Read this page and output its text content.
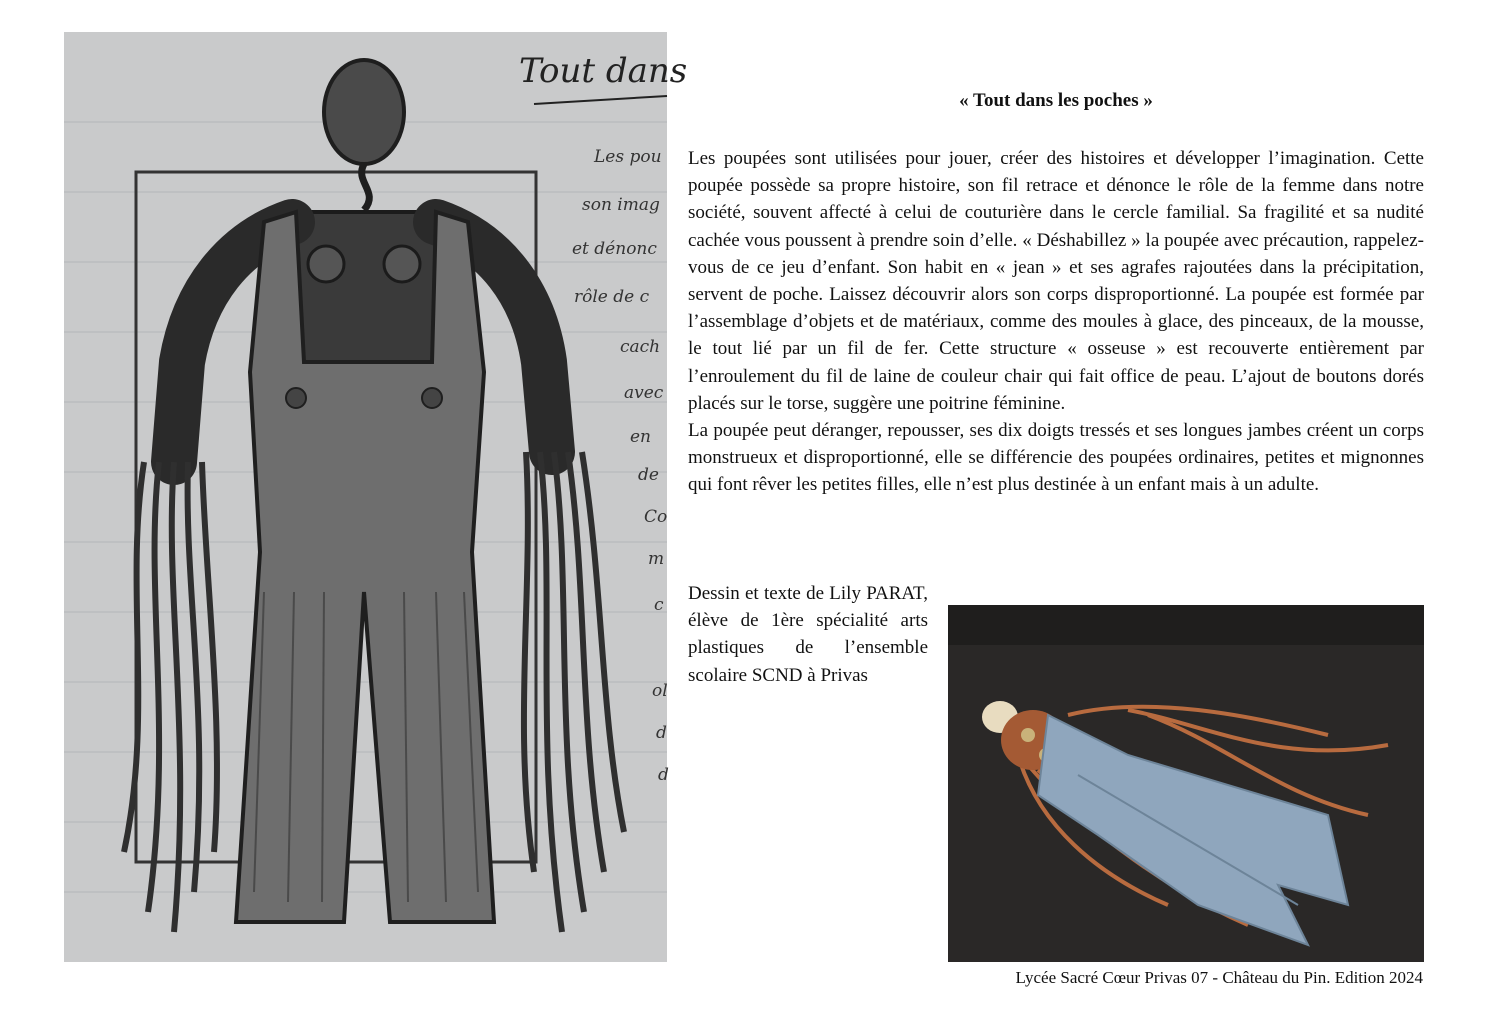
Tout dans
Les pou
son imag
et dénonc
rôle de c
cach
avec
en
de
Co
m
c
ol
d
d
« Tout dans les poches »

Les poupées sont utilisées pour jouer, créer des histoires et développer l’imagination. Cette poupée possède sa propre histoire, son fil retrace et dénonce le rôle de la femme dans notre société, souvent affecté à celui de couturière dans le cercle familial. Sa fragilité et sa nudité cachée vous poussent à prendre soin d’elle. « Déshabillez » la poupée avec précaution, rappelez-vous de ce jeu d’enfant. Son habit en « jean » et ses agrafes rajoutées dans la précipitation, servent de poche. Laissez découvrir alors son corps disproportionné. La poupée est formée par l’assemblage d’objets et de matériaux, comme des moules à glace, des pinceaux, de la mousse, le tout lié par un fil de fer. Cette structure « osseuse » est recouverte entièrement par l’enroulement du fil de laine de couleur chair qui fait office de peau. L’ajout de boutons dorés placés sur le torse, suggère une poitrine féminine.

La poupée peut déranger, repousser, ses dix doigts tressés et ses longues jambes créent un corps monstrueux et disproportionné, elle se différencie des poupées ordinaires, petites et mignonnes qui font rêver les petites filles, elle n’est plus destinée à un enfant mais à un adulte.

Dessin et texte de Lily PARAT, élève de 1ère spécialité arts plastiques de l’ensemble scolaire SCND à Privas
Lycée Sacré Cœur Privas 07 - Château du Pin. Edition 2024
